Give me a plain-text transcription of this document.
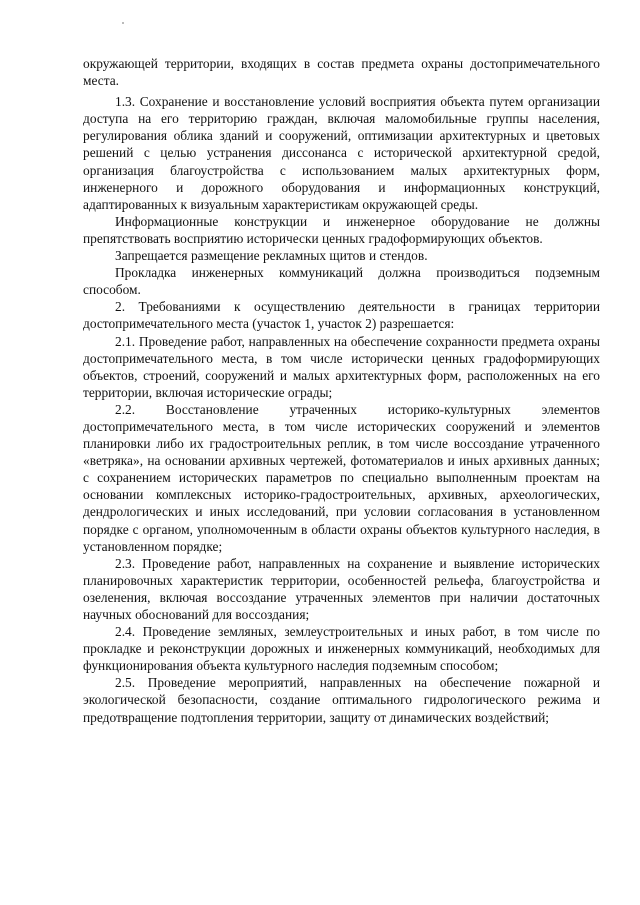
окружающей территории, входящих в состав предмета охраны достопримечательного места.

1.3. Сохранение и восстановление условий восприятия объекта путем организации доступа на его территорию граждан, включая маломобильные группы населения, регулирования облика зданий и сооружений, оптимизации архитектурных и цветовых решений с целью устранения диссонанса с исторической архитектурной средой, организация благоустройства с использованием малых архитектурных форм, инженерного и дорожного оборудования и информационных конструкций, адаптированных к визуальным характеристикам окружающей среды.

Информационные конструкции и инженерное оборудование не должны препятствовать восприятию исторически ценных градоформирующих объектов.

Запрещается размещение рекламных щитов и стендов.

Прокладка инженерных коммуникаций должна производиться подземным способом.

2. Требованиями к осуществлению деятельности в границах территории достопримечательного места (участок 1, участок 2) разрешается:

2.1. Проведение работ, направленных на обеспечение сохранности предмета охраны достопримечательного места, в том числе исторически ценных градоформирующих объектов, строений, сооружений и малых архитектурных форм, расположенных на его территории, включая исторические ограды;

2.2. Восстановление утраченных историко-культурных элементов достопримечательного места, в том числе исторических сооружений и элементов планировки либо их градостроительных реплик, в том числе воссоздание утраченного «ветряка», на основании архивных чертежей, фотоматериалов и иных архивных данных; с сохранением исторических параметров по специально выполненным проектам на основании комплексных историко-градостроительных, архивных, археологических, дендрологических и иных исследований, при условии согласования в установленном порядке с органом, уполномоченным в области охраны объектов культурного наследия, в установленном порядке;

2.3. Проведение работ, направленных на сохранение и выявление исторических планировочных характеристик территории, особенностей рельефа, благоустройства и озеленения, включая воссоздание утраченных элементов при наличии достаточных научных обоснований для воссоздания;

2.4. Проведение земляных, землеустроительных и иных работ, в том числе по прокладке и реконструкции дорожных и инженерных коммуникаций, необходимых для функционирования объекта культурного наследия подземным способом;

2.5. Проведение мероприятий, направленных на обеспечение пожарной и экологической безопасности, создание оптимального гидрологического режима и предотвращение подтопления территории, защиту от динамических воздействий;
